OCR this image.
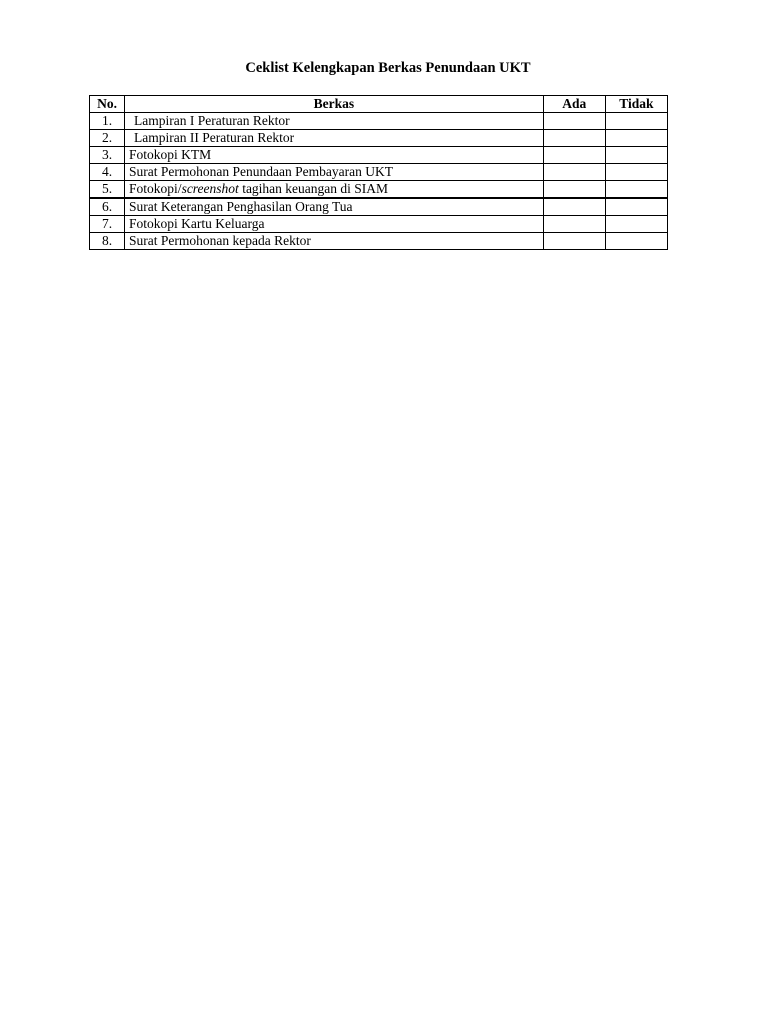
Ceklist Kelengkapan Berkas Penundaan UKT
No.	Berkas	Ada	Tidak
1.	Lampiran I Peraturan Rektor		
2.	Lampiran II Peraturan Rektor		
3.	Fotokopi KTM		
4.	Surat Permohonan Penundaan Pembayaran UKT		
5.	Fotokopi/screenshot tagihan keuangan di SIAM		
6.	Surat Keterangan Penghasilan Orang Tua		
7.	Fotokopi Kartu Keluarga		
8.	Surat Permohonan kepada Rektor		
